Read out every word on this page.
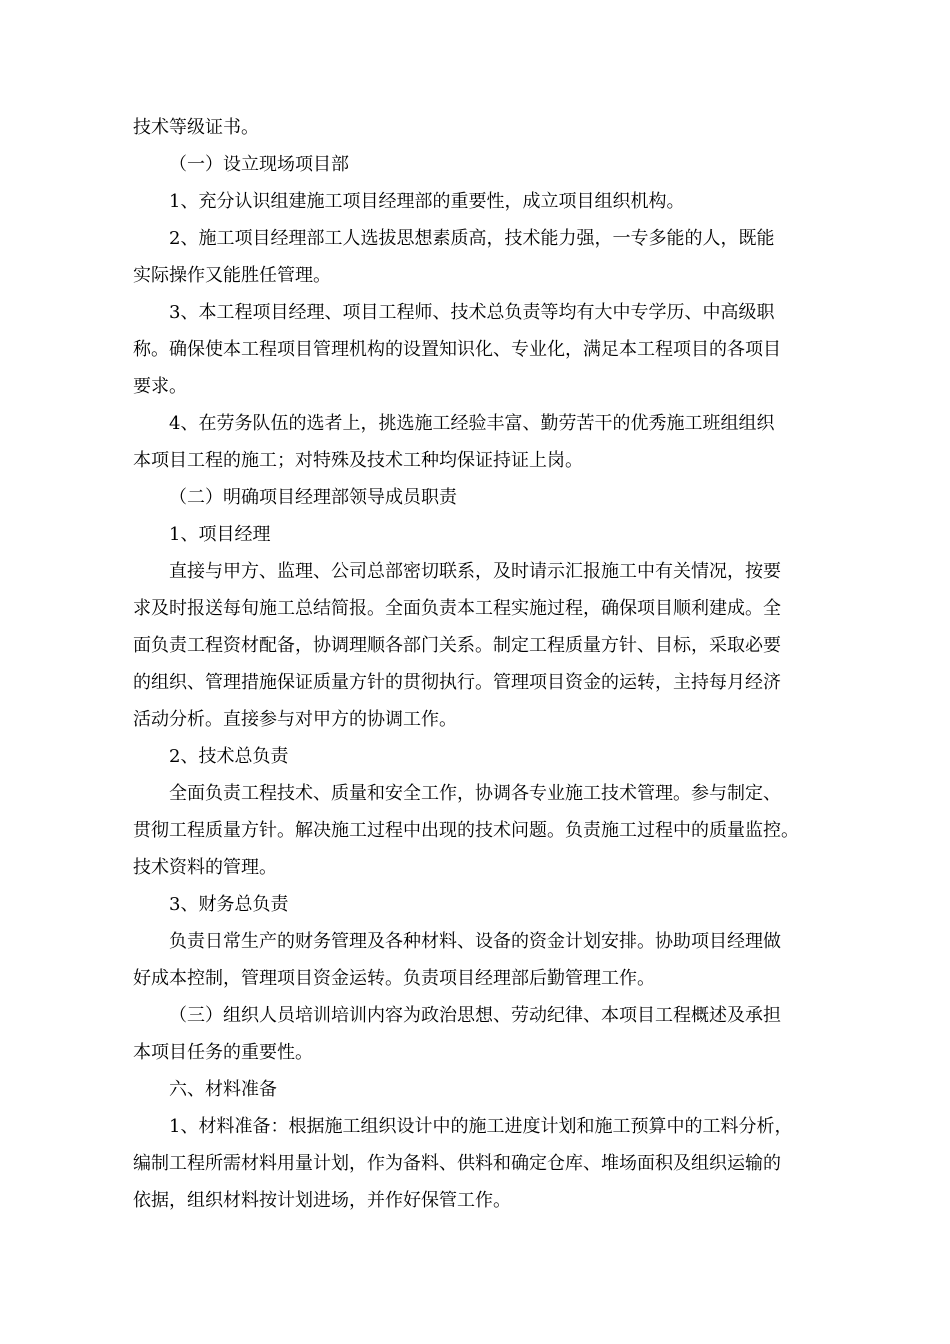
技术等级证书。

（一）设立现场项目部

1、充分认识组建施工项目经理部的重要性，成立项目组织机构。

2、施工项目经理部工人选拔思想素质高，技术能力强，一专多能的人，既能
实际操作又能胜任管理。

3、本工程项目经理、项目工程师、技术总负责等均有大中专学历、中高级职
称。确保使本工程项目管理机构的设置知识化、专业化，满足本工程项目的各项目
要求。

4、在劳务队伍的选者上，挑选施工经验丰富、勤劳苦干的优秀施工班组组织
本项目工程的施工；对特殊及技术工种均保证持证上岗。

（二）明确项目经理部领导成员职责

1、项目经理

直接与甲方、监理、公司总部密切联系，及时请示汇报施工中有关情况，按要
求及时报送每旬施工总结简报。全面负责本工程实施过程，确保项目顺利建成。全
面负责工程资材配备，协调理顺各部门关系。制定工程质量方针、目标，采取必要
的组织、管理措施保证质量方针的贯彻执行。管理项目资金的运转，主持每月经济
活动分析。直接参与对甲方的协调工作。

2、技术总负责

全面负责工程技术、质量和安全工作，协调各专业施工技术管理。参与制定、
贯彻工程质量方针。解决施工过程中出现的技术问题。负责施工过程中的质量监控。
技术资料的管理。

3、财务总负责

负责日常生产的财务管理及各种材料、设备的资金计划安排。协助项目经理做
好成本控制，管理项目资金运转。负责项目经理部后勤管理工作。

（三）组织人员培训培训内容为政治思想、劳动纪律、本项目工程概述及承担
本项目任务的重要性。

六、材料准备

1、材料准备：根据施工组织设计中的施工进度计划和施工预算中的工料分析，
编制工程所需材料用量计划，作为备料、供料和确定仓库、堆场面积及组织运输的
依据，组织材料按计划进场，并作好保管工作。
